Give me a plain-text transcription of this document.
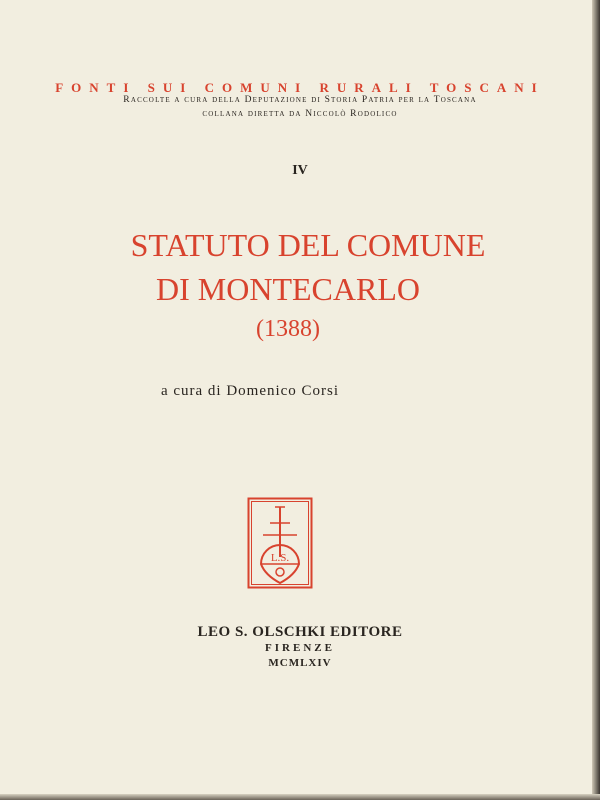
FONTI SUI COMUNI RURALI TOSCANI
Raccolte a cura della Deputazione di Storia Patria per la Toscana
collana diretta da Niccolò Rodolico
IV
STATUTO DEL COMUNE
DI MONTECARLO
(1388)
a cura di Domenico Corsi
L.S.
LEO S. OLSCHKI EDITORE
FIRENZE
MCMLXIV
